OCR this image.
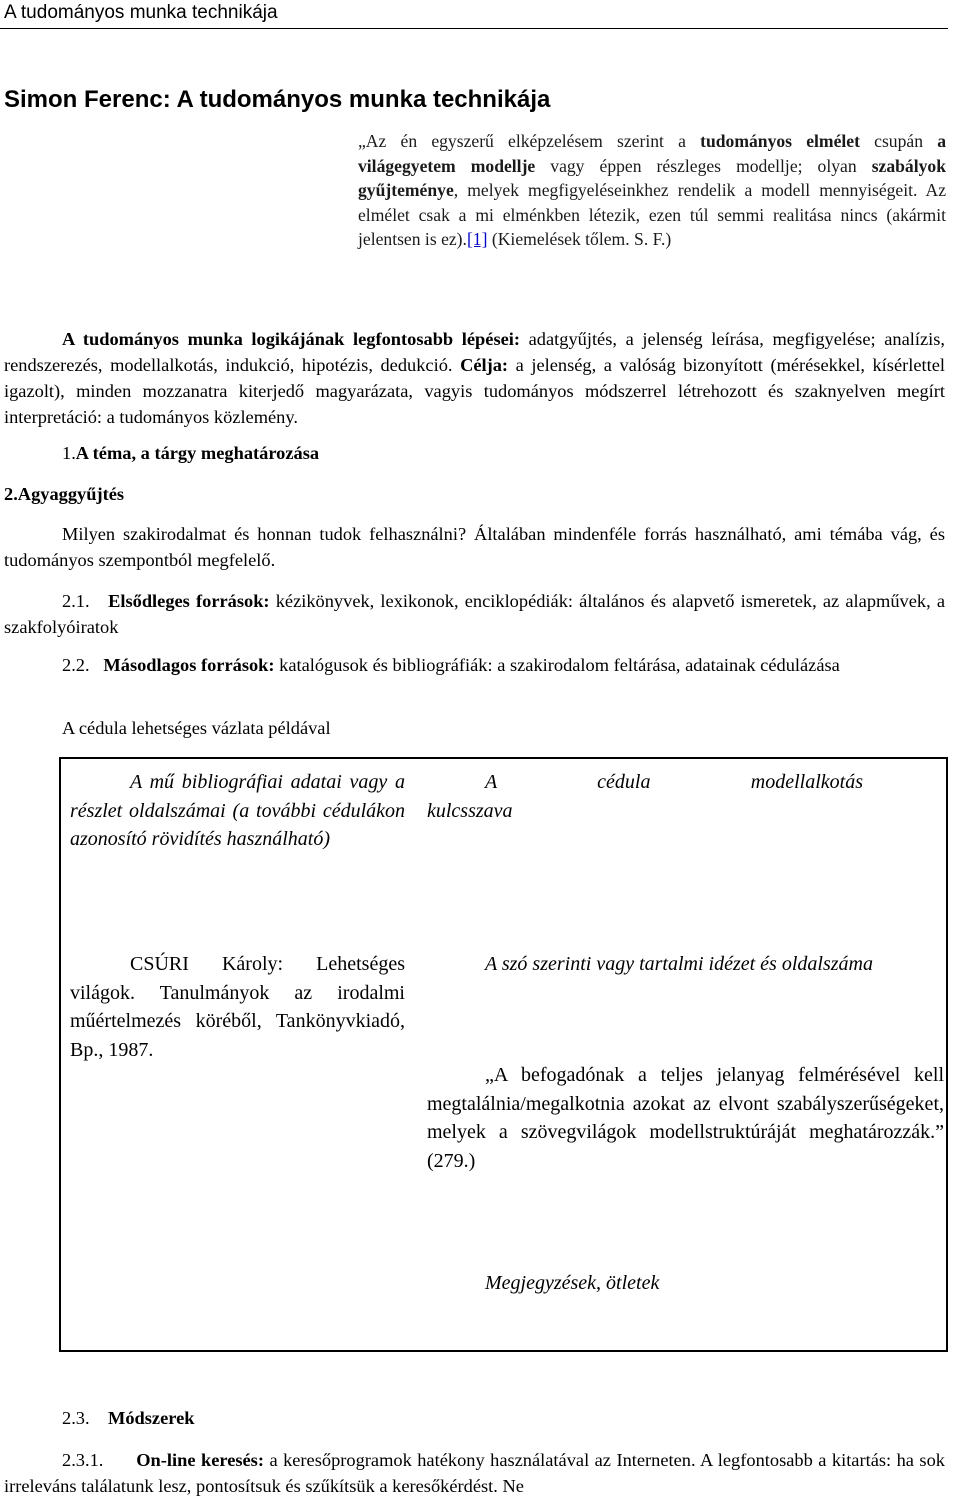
A tudományos munka technikája
Simon Ferenc: A tudományos munka technikája
„Az én egyszerű elképzelésem szerint a tudományos elmélet csupán a világegyetem modellje vagy éppen részleges modellje; olyan szabályok gyűjteménye, melyek megfigyeléseinkhez rendelik a modell mennyiségeit. Az elmélet csak a mi elménkben létezik, ezen túl semmi realitása nincs (akármit jelentsen is ez).[1] (Kiemelések tőlem. S. F.)
A tudományos munka logikájának legfontosabb lépései: adatgyűjtés, a jelenség leírása, megfigyelése; analízis, rendszerezés, modellalkotás, indukció, hipotézis, dedukció. Célja: a jelenség, a valóság bizonyított (mérésekkel, kísérlettel igazolt), minden mozzanatra kiterjedő magyarázata, vagyis tudományos módszerrel létrehozott és szaknyelven megírt interpretáció: a tudományos közlemény.
1.A téma, a tárgy meghatározása
2.Agyaggyűjtés
Milyen szakirodalmat és honnan tudok felhasználni? Általában mindenféle forrás használható, ami témába vág, és tudományos szempontból megfelelő.
2.1. Elsődleges források: kézikönyvek, lexikonok, enciklopédiák: általános és alapvető ismeretek, az alapművek, a szakfolyóiratok
2.2. Másodlagos források: katalógusok és bibliográfiák: a szakirodalom feltárása, adatainak cédulázása
A cédula lehetséges vázlata példával
A mű bibliográfiai adatai vagy a részlet oldalszámai (a további cédulákon azonosító rövidítés használható)
A cédula modellalkotás
kulcsszava
CSÚRI Károly: Lehetséges világok. Tanulmányok az irodalmi műértelmezés köréből, Tankönyvkiadó, Bp., 1987.
A szó szerinti vagy tartalmi idézet és oldalszáma
„A befogadónak a teljes jelanyag felmérésével kell megtalálnia/megalkotnia azokat az elvont szabályszerűségeket, melyek a szövegvilágok modellstruktúráját meghatározzák.” (279.)
Megjegyzések, ötletek
2.3. Módszerek
2.3.1. On-line keresés: a keresőprogramok hatékony használatával az Interneten. A legfontosabb a kitartás: ha sok irreleváns találatunk lesz, pontosítsuk és szűkítsük a keresőkérdést. Ne
